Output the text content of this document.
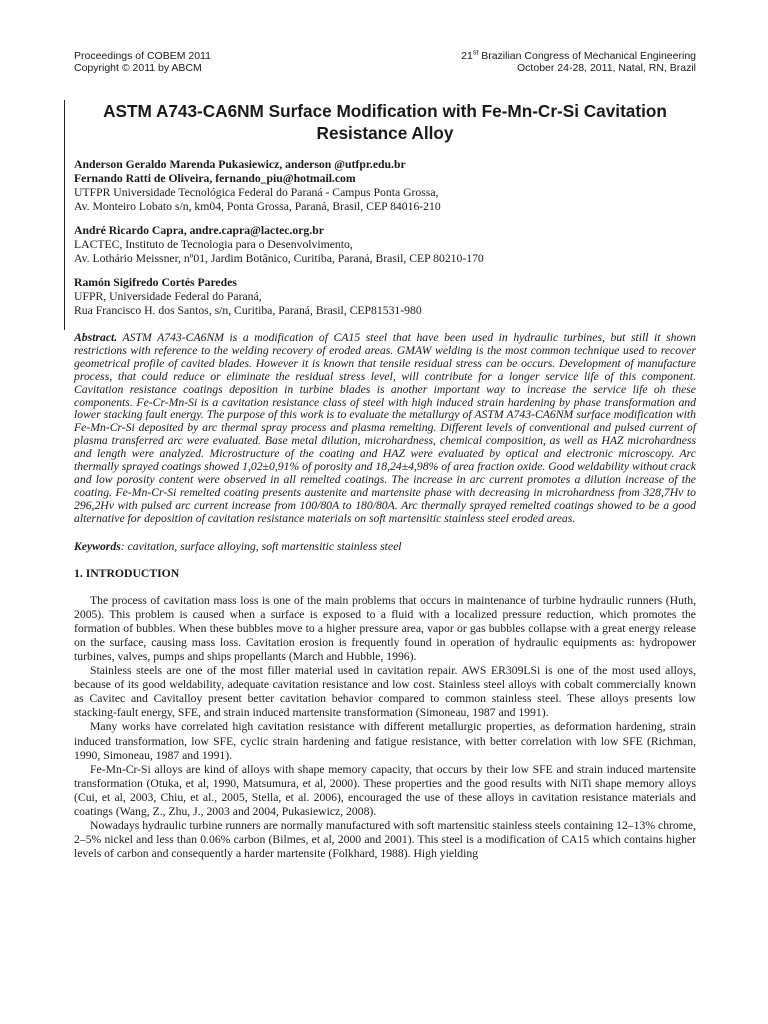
Proceedings of COBEM 2011
Copyright © 2011 by ABCM
21st Brazilian Congress of Mechanical Engineering
October 24-28, 2011, Natal, RN, Brazil
ASTM A743-CA6NM Surface Modification with Fe-Mn-Cr-Si Cavitation Resistance Alloy
Anderson Geraldo Marenda Pukasiewicz, anderson @utfpr.edu.br
Fernando Ratti de Oliveira, fernando_piu@hotmail.com
UTFPR Universidade Tecnológica Federal do Paraná - Campus Ponta Grossa,
Av. Monteiro Lobato s/n, km04, Ponta Grossa, Paraná, Brasil, CEP 84016-210
André Ricardo Capra, andre.capra@lactec.org.br
LACTEC, Instituto de Tecnologia para o Desenvolvimento,
Av. Lothário Meissner, nº01, Jardim Botânico, Curitiba, Paraná, Brasil, CEP 80210-170
Ramón Sigifredo Cortés Paredes
UFPR, Universidade Federal do Paraná,
Rua Francisco H. dos Santos, s/n, Curitiba, Paraná, Brasil, CEP81531-980
Abstract. ASTM A743-CA6NM is a modification of CA15 steel that have been used in hydraulic turbines, but still it shown restrictions with reference to the welding recovery of eroded areas. GMAW welding is the most common technique used to recover geometrical profile of cavited blades. However it is known that tensile residual stress can be occurs. Development of manufacture process, that could reduce or eliminate the residual stress level, will contribute for a longer service life of this component. Cavitation resistance coatings deposition in turbine blades is another important way to increase the service life oh these components. Fe-Cr-Mn-Si is a cavitation resistance class of steel with high induced strain hardening by phase transformation and lower stacking fault energy. The purpose of this work is to evaluate the metallurgy of ASTM A743-CA6NM surface modification with Fe-Mn-Cr-Si deposited by arc thermal spray process and plasma remelting. Different levels of conventional and pulsed current of plasma transferred arc were evaluated. Base metal dilution, microhardness, chemical composition, as well as HAZ microhardness and length were analyzed. Microstructure of the coating and HAZ were evaluated by optical and electronic microscopy. Arc thermally sprayed coatings showed 1,02±0,91% of porosity and 18,24±4,98% of area fraction oxide. Good weldability without crack and low porosity content were observed in all remelted coatings. The increase in arc current promotes a dilution increase of the coating. Fe-Mn-Cr-Si remelted coating presents austenite and martensite phase with decreasing in microhardness from 328,7Hv to 296,2Hv with pulsed arc current increase from 100/80A to 180/80A. Arc thermally sprayed remelted coatings showed to be a good alternative for deposition of cavitation resistance materials on soft martensitic stainless steel eroded areas.
Keywords: cavitation, surface alloying, soft martensitic stainless steel
1. INTRODUCTION

The process of cavitation mass loss is one of the main problems that occurs in maintenance of turbine hydraulic runners (Huth, 2005). This problem is caused when a surface is exposed to a fluid with a localized pressure reduction, which promotes the formation of bubbles. When these bubbles move to a higher pressure area, vapor or gas bubbles collapse with a great energy release on the surface, causing mass loss. Cavitation erosion is frequently found in operation of hydraulic equipments as: hydropower turbines, valves, pumps and ships propellants (March and Hubble, 1996).

Stainless steels are one of the most filler material used in cavitation repair. AWS ER309LSi is one of the most used alloys, because of its good weldability, adequate cavitation resistance and low cost. Stainless steel alloys with cobalt commercially known as Cavitec and Cavitalloy present better cavitation behavior compared to common stainless steel. These alloys presents low stacking-fault energy, SFE, and strain induced martensite transformation (Simoneau, 1987 and 1991).

Many works have correlated high cavitation resistance with different metallurgic properties, as deformation hardening, strain induced transformation, low SFE, cyclic strain hardening and fatigue resistance, with better correlation with low SFE (Richman, 1990, Simoneau, 1987 and 1991).

Fe-Mn-Cr-Si alloys are kind of alloys with shape memory capacity, that occurs by their low SFE and strain induced martensite transformation (Otuka, et al, 1990, Matsumura, et al, 2000). These properties and the good results with NiTi shape memory alloys (Cui, et al, 2003, Chiu, et al., 2005, Stella, et al. 2006), encouraged the use of these alloys in cavitation resistance materials and coatings (Wang, Z., Zhu, J., 2003 and 2004, Pukasiewicz, 2008).

Nowadays hydraulic turbine runners are normally manufactured with soft martensitic stainless steels containing 12–13% chrome, 2–5% nickel and less than 0.06% carbon (Bilmes, et al, 2000 and 2001). This steel is a modification of CA15 which contains higher levels of carbon and consequently a harder martensite (Folkhard, 1988). High yielding
